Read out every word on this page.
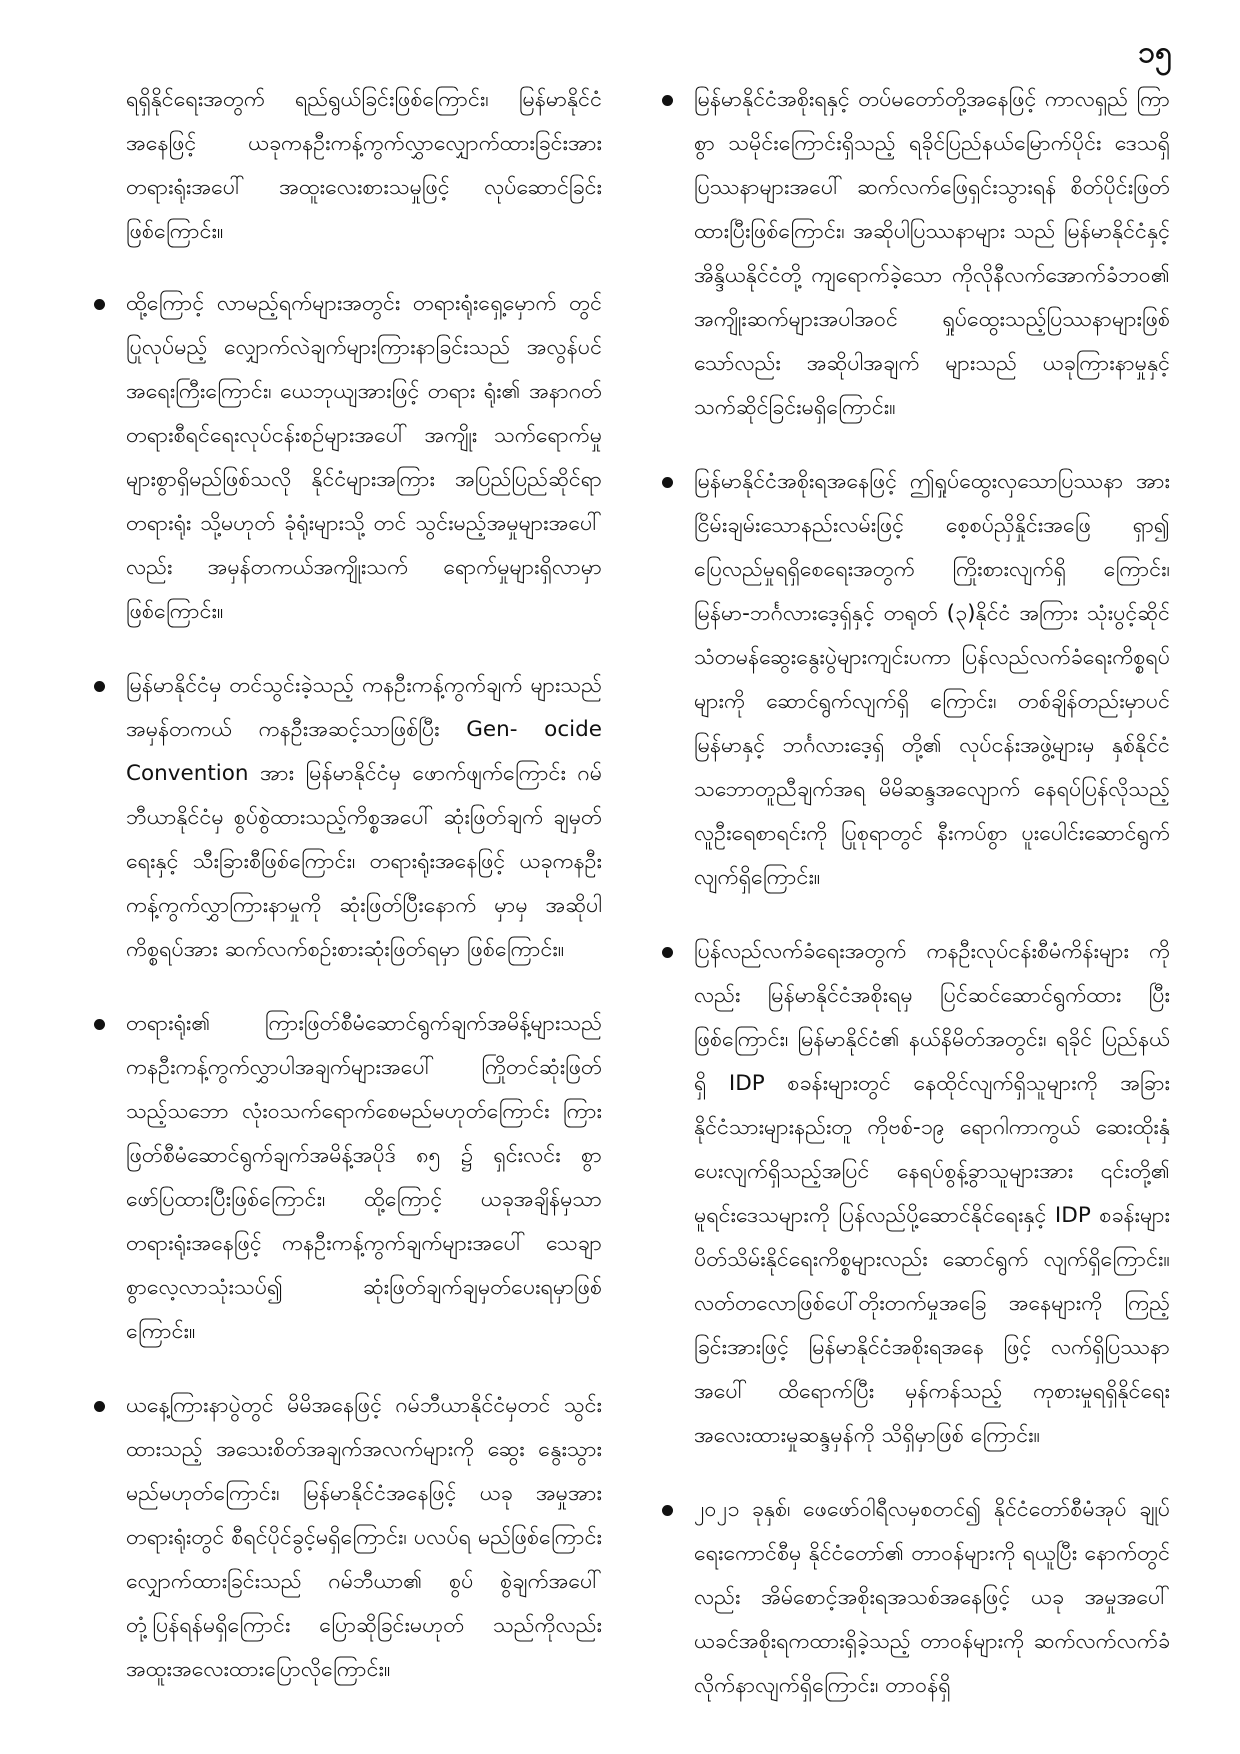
၁၅

ရရှိနိုင်ရေးအတွက် ရည်ရွယ်ခြင်းဖြစ်ကြောင်း၊ မြန်မာနိုင်ငံ အနေဖြင့် ယခုကနဦးကန့်ကွက်လွှာလျှောက်ထားခြင်းအား တရားရုံးအပေါ် အထူးလေးစားသမှုဖြင့် လုပ်ဆောင်ခြင်း ဖြစ်ကြောင်း။

ထို့ကြောင့် လာမည့်ရက်များအတွင်း တရားရုံးရှေ့မှောက် တွင် ပြုလုပ်မည့် လျှောက်လဲချက်များကြားနာခြင်းသည် အလွန်ပင်အရေးကြီးကြောင်း၊ ယေဘုယျအားဖြင့် တရား ရုံး၏ အနာဂတ်တရားစီရင်ရေးလုပ်ငန်းစဉ်များအပေါ် အကျိုး သက်ရောက်မှု များစွာရှိမည်ဖြစ်သလို နိုင်ငံများအကြား အပြည်ပြည်ဆိုင်ရာတရားရုံး သို့မဟုတ် ခုံရုံးများသို့ တင် သွင်းမည့်အမှုများအပေါ်လည်း အမှန်တကယ်အကျိုးသက် ရောက်မှုများရှိလာမှာဖြစ်ကြောင်း။

မြန်မာနိုင်ငံမှ တင်သွင်းခဲ့သည့် ကနဦးကန့်ကွက်ချက် များသည် အမှန်တကယ် ကနဦးအဆင့်သာဖြစ်ပြီး Gen- ocide Convention အား မြန်မာနိုင်ငံမှ ဖောက်ဖျက်ကြောင်း ဂမ်ဘီယာနိုင်ငံမှ စွပ်စွဲထားသည့်ကိစ္စအပေါ် ဆုံးဖြတ်ချက် ချမှတ်ရေးနှင့် သီးခြားစီဖြစ်ကြောင်း၊ တရားရုံးအနေဖြင့် ယခုကနဦးကန့်ကွက်လွှာကြားနာမှုကို ဆုံးဖြတ်ပြီးနောက် မှာမှ အဆိုပါကိစ္စရပ်အား ဆက်လက်စဉ်းစားဆုံးဖြတ်ရမှာ ဖြစ်ကြောင်း။

တရားရုံး၏ ကြားဖြတ်စီမံဆောင်ရွက်ချက်အမိန့်များသည် ကနဦးကန့်ကွက်လွှာပါအချက်များအပေါ် ကြိုတင်ဆုံးဖြတ် သည့်သဘော လုံးဝသက်ရောက်စေမည်မဟုတ်ကြောင်း ကြားဖြတ်စီမံဆောင်ရွက်ချက်အမိန့်အပိုဒ် ၈၅ ၌ ရှင်းလင်း စွာ ဖော်ပြထားပြီးဖြစ်ကြောင်း၊ ထို့ကြောင့် ယခုအချိန်မှသာ တရားရုံးအနေဖြင့် ကနဦးကန့်ကွက်ချက်များအပေါ် သေချာ စွာလေ့လာသုံးသပ်၍ ဆုံးဖြတ်ချက်ချမှတ်ပေးရမှာဖြစ် ကြောင်း။

ယနေ့ကြားနာပွဲတွင် မိမိအနေဖြင့် ဂမ်ဘီယာနိုင်ငံမှတင် သွင်းထားသည့် အသေးစိတ်အချက်အလက်များကို ဆွေး နွေးသွားမည်မဟုတ်ကြောင်း၊ မြန်မာနိုင်ငံအနေဖြင့် ယခု အမှုအား တရားရုံးတွင် စီရင်ပိုင်ခွင့်မရှိကြောင်း၊ ပလပ်ရ မည်ဖြစ်ကြောင်း လျှောက်ထားခြင်းသည် ဂမ်ဘီယာ၏ စွပ် စွဲချက်အပေါ် တုံ့ပြန်ရန်မရှိကြောင်း ပြောဆိုခြင်းမဟုတ် သည်ကိုလည်း အထူးအလေးထားပြောလိုကြောင်း။

မြန်မာနိုင်ငံအစိုးရနှင့် တပ်မတော်တို့အနေဖြင့် ကာလရှည် ကြာစွာ သမိုင်းကြောင်းရှိသည့် ရခိုင်ပြည်နယ်မြောက်ပိုင်း ဒေသရှိ ပြဿနာများအပေါ် ဆက်လက်ဖြေရှင်းသွားရန် စိတ်ပိုင်းဖြတ်ထားပြီးဖြစ်ကြောင်း၊ အဆိုပါပြဿနာများ သည် မြန်မာနိုင်ငံနှင့် အိန္ဒိယနိုင်ငံတို့ ကျရောက်ခဲ့သော ကိုလိုနီလက်အောက်ခံဘဝ၏ အကျိုးဆက်များအပါအဝင် ရှုပ်ထွေးသည့်ပြဿနာများဖြစ်သော်လည်း အဆိုပါအချက် များသည် ယခုကြားနာမှုနှင့် သက်ဆိုင်ခြင်းမရှိကြောင်း။

မြန်မာနိုင်ငံအစိုးရအနေဖြင့် ဤရှုပ်ထွေးလှသောပြဿနာ အား ငြိမ်းချမ်းသောနည်းလမ်းဖြင့် စေ့စပ်ညှိနှိုင်းအဖြေ ရှာ၍ ပြေလည်မှုရရှိစေရေးအတွက် ကြိုးစားလျက်ရှိ ကြောင်း၊ မြန်မာ-ဘင်္ဂလားဒေ့ရှ်နှင့် တရုတ် (၃)နိုင်ငံ အကြား သုံးပွင့်ဆိုင် သံတမန်ဆွေးနွေးပွဲများကျင်းပကာ ပြန်လည်လက်ခံရေးကိစ္စရပ်များကို ဆောင်ရွက်လျက်ရှိ ကြောင်း၊ တစ်ချိန်တည်းမှာပင် မြန်မာနှင့် ဘင်္ဂလားဒေ့ရှ် တို့၏ လုပ်ငန်းအဖွဲ့များမှ နှစ်နိုင်ငံသဘောတူညီချက်အရ မိမိဆန္ဒအလျောက် နေရပ်ပြန်လိုသည့် လူဦးရေစာရင်းကို ပြုစုရာတွင် နီးကပ်စွာ ပူးပေါင်းဆောင်ရွက်လျက်ရှိကြောင်း။

ပြန်လည်လက်ခံရေးအတွက် ကနဦးလုပ်ငန်းစီမံကိန်းများ ကိုလည်း မြန်မာနိုင်ငံအစိုးရမှ ပြင်ဆင်ဆောင်ရွက်ထား ပြီးဖြစ်ကြောင်း၊ မြန်မာနိုင်ငံ၏ နယ်နိမိတ်အတွင်း၊ ရခိုင် ပြည်နယ်ရှိ IDP စခန်းများတွင် နေထိုင်လျက်ရှိသူများကို အခြားနိုင်ငံသားများနည်းတူ ကိုဗစ်-၁၉ ရောဂါကာကွယ် ဆေးထိုးနှံပေးလျက်ရှိသည့်အပြင် နေရပ်စွန့်ခွာသူများအား ၎င်းတို့၏ မူရင်းဒေသများကို ပြန်လည်ပို့ဆောင်နိုင်ရေးနှင့် IDP စခန်းများ ပိတ်သိမ်းနိုင်ရေးကိစ္စများလည်း ဆောင်ရွက် လျက်ရှိကြောင်း။ လတ်တလောဖြစ်ပေါ်တိုးတက်မှုအခြေ အနေများကို ကြည့်ခြင်းအားဖြင့် မြန်မာနိုင်ငံအစိုးရအနေ ဖြင့် လက်ရှိပြဿနာအပေါ် ထိရောက်ပြီး မှန်ကန်သည့် ကုစားမှုရရှိနိုင်ရေး အလေးထားမှုဆန္ဒမှန်ကို သိရှိမှာဖြစ် ကြောင်း။

၂၀၂၁ ခုနှစ်၊ ဖေဖော်ဝါရီလမှစတင်၍ နိုင်ငံတော်စီမံအုပ် ချုပ်ရေးကောင်စီမှ နိုင်ငံတော်၏ တာဝန်များကို ရယူပြီး နောက်တွင်လည်း အိမ်စောင့်အစိုးရအသစ်အနေဖြင့် ယခု အမှုအပေါ် ယခင်အစိုးရကထားရှိခဲ့သည့် တာဝန်များကို ဆက်လက်လက်ခံလိုက်နာလျက်ရှိကြောင်း၊ တာဝန်ရှိ
